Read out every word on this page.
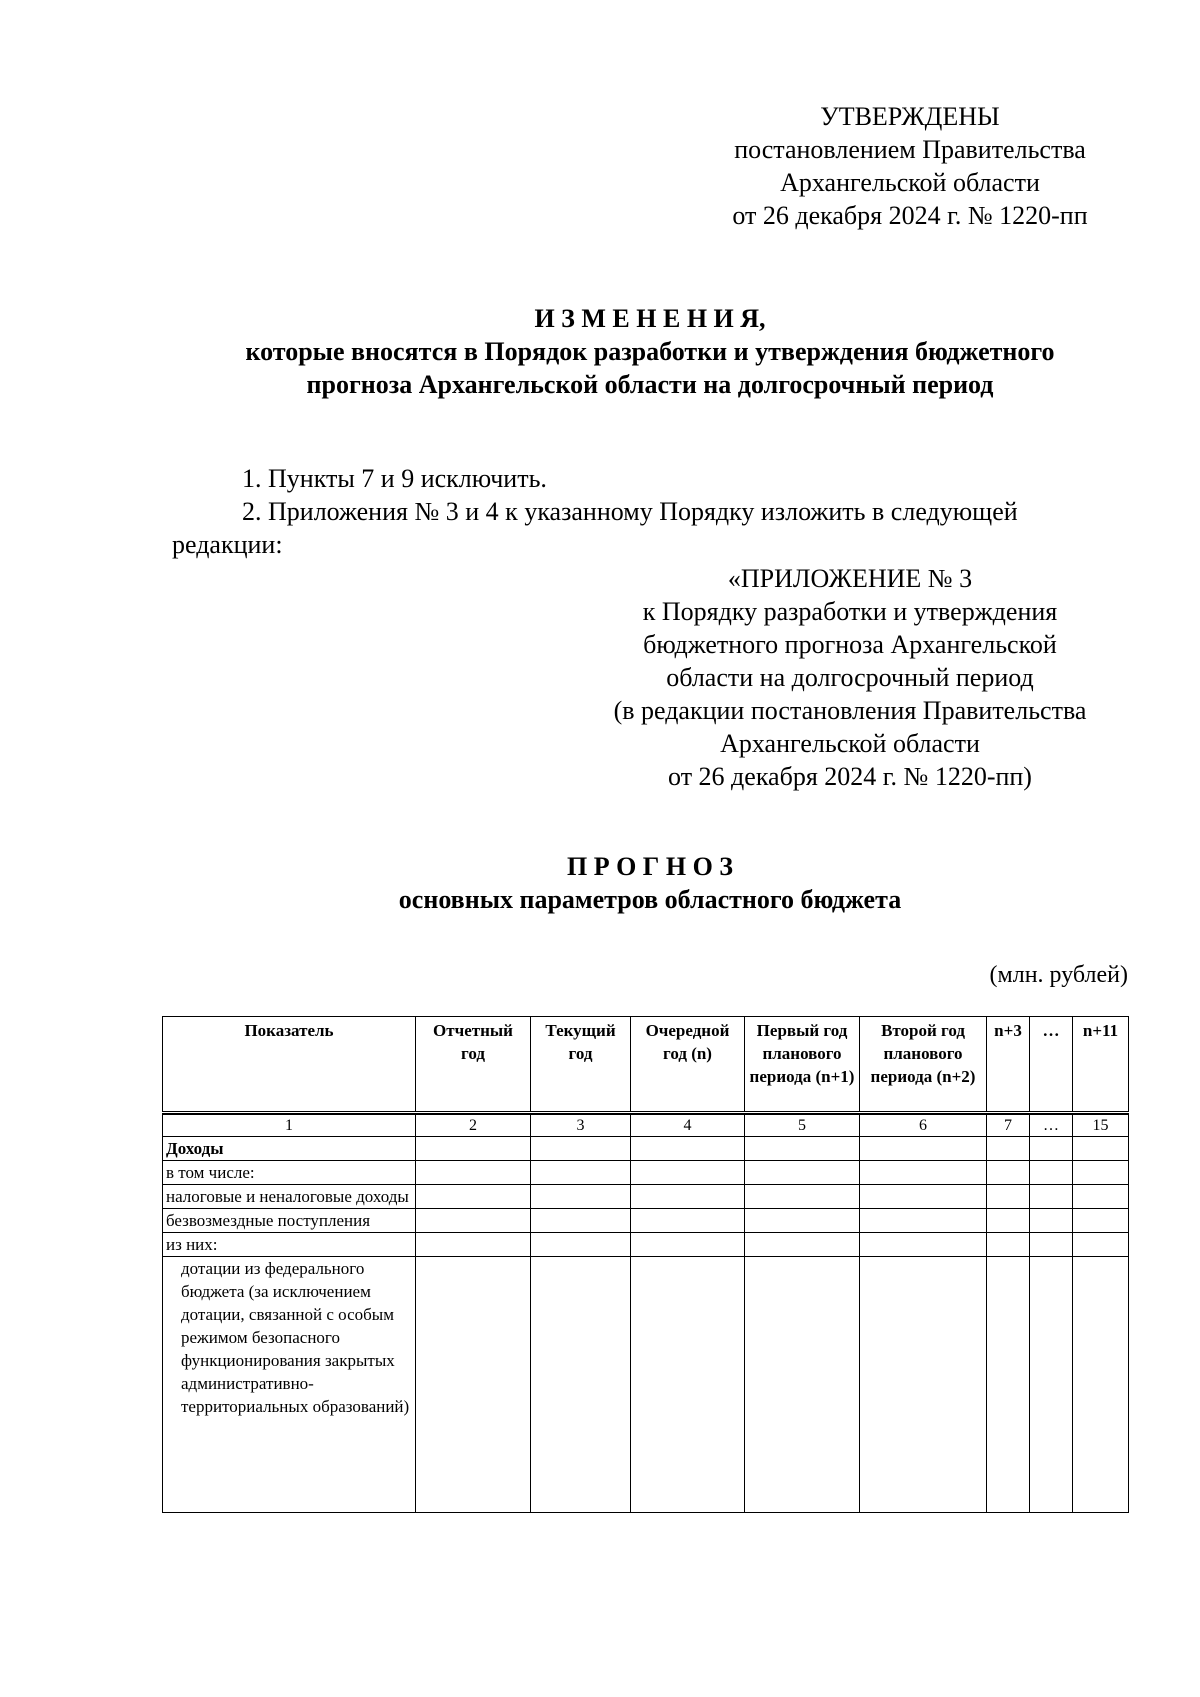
УТВЕРЖДЕНЫ
постановлением Правительства
Архангельской области
от 26 декабря 2024 г. № 1220-пп
И З М Е Н Е Н И Я,
которые вносятся в Порядок разработки и утверждения бюджетного
прогноза Архангельской области на долгосрочный период
1. Пункты 7 и 9 исключить.
2. Приложения № 3 и 4 к указанному Порядку изложить в следующей
редакции:
«ПРИЛОЖЕНИЕ № 3
к Порядку разработки и утверждения
бюджетного прогноза Архангельской
области на долгосрочный период
(в редакции постановления Правительства
Архангельской области
от 26 декабря 2024 г. № 1220-пп)
П Р О Г Н О З
основных параметров областного бюджета
(млн. рублей)
Показатель	Отчетный год	Текущий год	Очередной год (n)	Первый год планового периода (n+1)	Второй год планового периода (n+2)	n+3	…	n+11

1	2	3	4	5	6	7	…	15
Доходы								
в том числе:								
налоговые и неналоговые доходы								
безвозмездные поступления								
из них:								
дотации из федерального бюджета (за исключением дотации, связанной с особым режимом безопасного функционирования закрытых административно-территориальных образований)								
